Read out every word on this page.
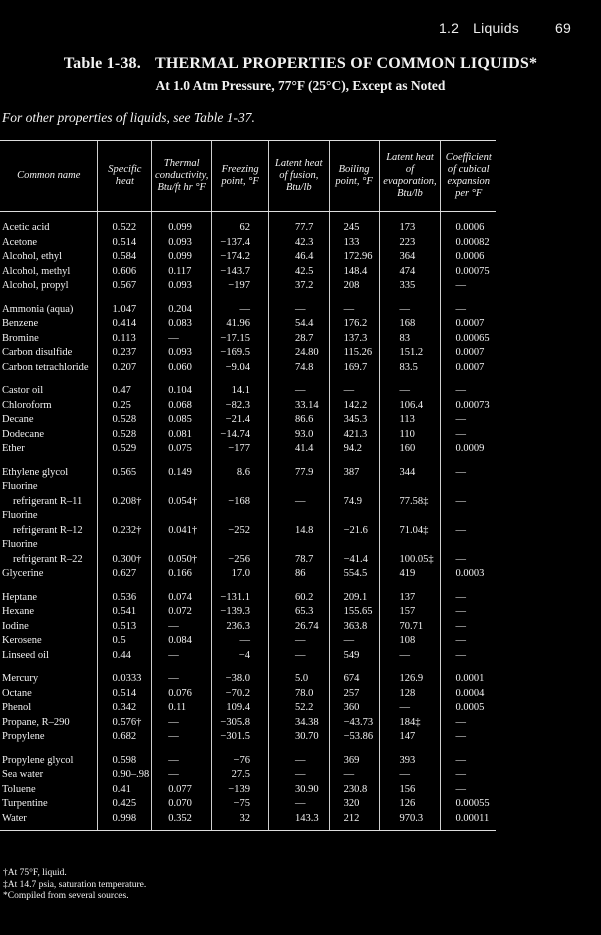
1.2 Liquids	69
Table 1-38. THERMAL PROPERTIES OF COMMON LIQUIDS*
At 1.0 Atm Pressure, 77°F (25°C), Except as Noted
For other properties of liquids, see Table 1-37.
Common name	Specific heat	Thermal conductivity, Btu/ft hr °F	Freezing point, °F	Latent heat of fusion, Btu/lb	Boiling point, °F	Latent heat of evaporation, Btu/lb	Coefficient of cubical expansion per °F

Acetic acid	0.522	0.099	62	77.7	245	173	0.0006
Acetone	0.514	0.093	−137.4	42.3	133	223	0.00082
Alcohol, ethyl	0.584	0.099	−174.2	46.4	172.96	364	0.0006
Alcohol, methyl	0.606	0.117	−143.7	42.5	148.4	474	0.00075
Alcohol, propyl	0.567	0.093	−197	37.2	208	335	—

Ammonia (aqua)	1.047	0.204	—	—	—	—	—
Benzene	0.414	0.083	41.96	54.4	176.2	168	0.0007
Bromine	0.113	—	−17.15	28.7	137.3	83	0.00065
Carbon disulfide	0.237	0.093	−169.5	24.80	115.26	151.2	0.0007
Carbon tetrachloride	0.207	0.060	−9.04	74.8	169.7	83.5	0.0007

Castor oil	0.47	0.104	14.1	—	—	—	—
Chloroform	0.25	0.068	−82.3	33.14	142.2	106.4	0.00073
Decane	0.528	0.085	−21.4	86.6	345.3	113	—
Dodecane	0.528	0.081	−14.74	93.0	421.3	110	—
Ether	0.529	0.075	−177	41.4	94.2	160	0.0009

Ethylene glycol	0.565	0.149	8.6	77.9	387	344	—
Fluorine							
refrigerant R–11	0.208†	0.054†	−168	—	74.9	77.58‡	—
Fluorine							
refrigerant R–12	0.232†	0.041†	−252	14.8	−21.6	71.04‡	—
Fluorine							
refrigerant R–22	0.300†	0.050†	−256	78.7	−41.4	100.05‡	—
Glycerine	0.627	0.166	17.0	86	554.5	419	0.0003

Heptane	0.536	0.074	−131.1	60.2	209.1	137	—
Hexane	0.541	0.072	−139.3	65.3	155.65	157	—
Iodine	0.513	—	236.3	26.74	363.8	70.71	—
Kerosene	0.5	0.084	—	—	—	108	—
Linseed oil	0.44	—	−4	—	549	—	—

Mercury	0.0333	—	−38.0	5.0	674	126.9	0.0001
Octane	0.514	0.076	−70.2	78.0	257	128	0.0004
Phenol	0.342	0.11	109.4	52.2	360	—	0.0005
Propane, R–290	0.576†	—	−305.8	34.38	−43.73	184‡	—
Propylene	0.682	—	−301.5	30.70	−53.86	147	—

Propylene glycol	0.598	—	−76	—	369	393	—
Sea water	0.90–.98	—	27.5	—	—	—	—
Toluene	0.41	0.077	−139	30.90	230.8	156	—
Turpentine	0.425	0.070	−75	—	320	126	0.00055
Water	0.998	0.352	32	143.3	212	970.3	0.00011

†At 75°F, liquid.
‡At 14.7 psia, saturation temperature.
*Compiled from several sources.
